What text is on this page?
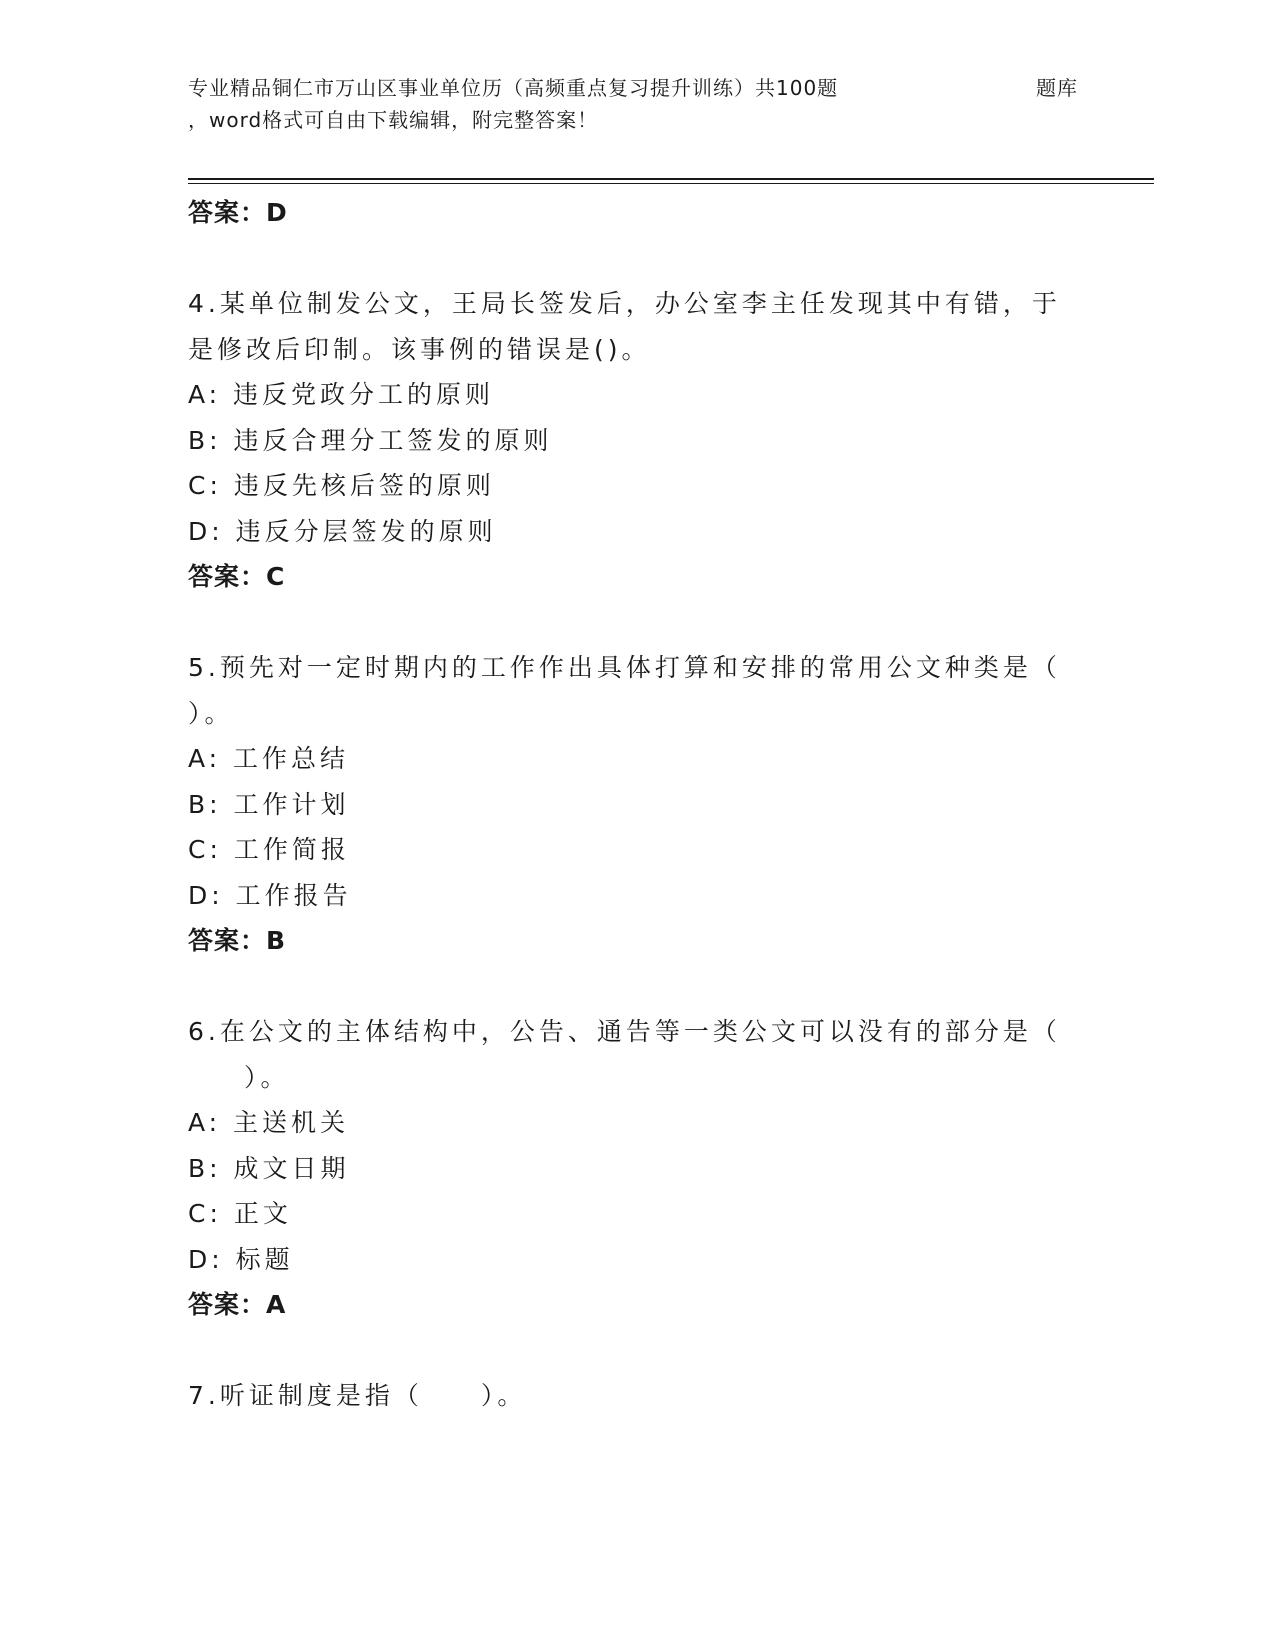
专业精品铜仁市万山区事业单位历（高频重点复习提升训练）共100题	题库
，word格式可自由下载编辑，附完整答案！
答案：D
4.某单位制发公文，王局长签发后，办公室李主任发现其中有错，于
是修改后印制。该事例的错误是()。
A: 违反党政分工的原则
B: 违反合理分工签发的原则
C: 违反先核后签的原则
D: 违反分层签发的原则
答案：C
5.预先对一定时期内的工作作出具体打算和安排的常用公文种类是（
）。
A: 工作总结
B: 工作计划
C: 工作简报
D: 工作报告
答案：B
6.在公文的主体结构中，公告、通告等一类公文可以没有的部分是（
）。
A: 主送机关
B: 成文日期
C: 正文
D: 标题
答案：A
7.听证制度是指（　　）。
